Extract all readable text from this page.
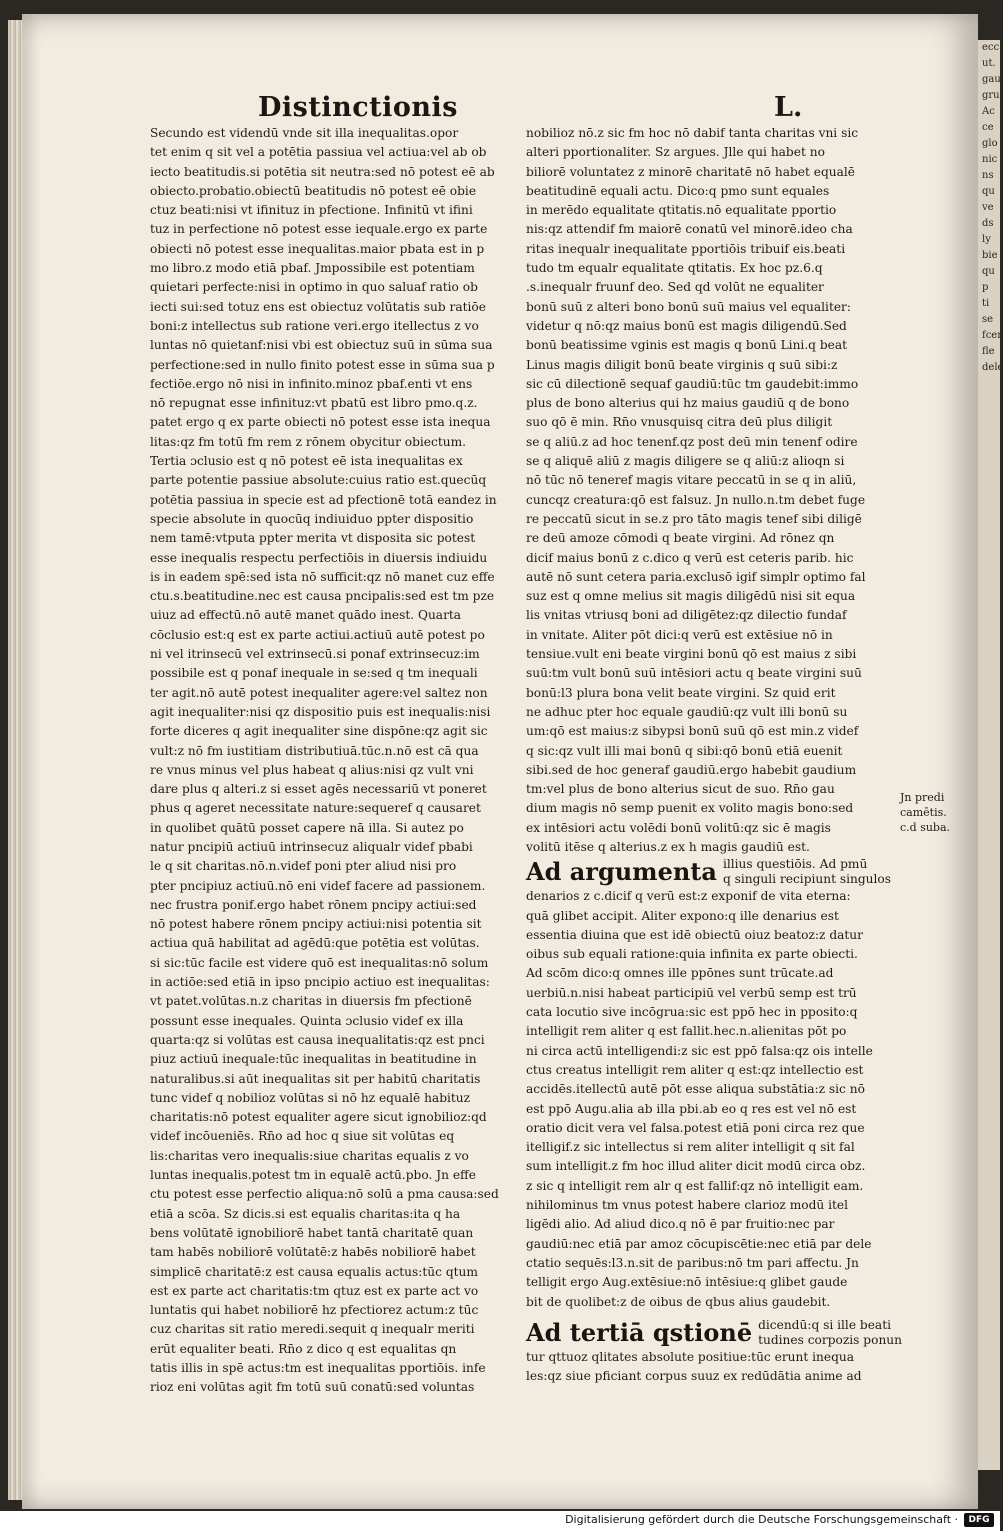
Distinctionis	L.

Secundo est videndū vnde sit illa inequalitas.opor

tet enim q sit vel a potētia passiua vel actiua:vel ab ob

iecto beatitudis.si potētia sit neutra:sed nō potest eē ab

obiecto.probatio.obiectū beatitudis nō potest eē obie

ctuz beati:nisi vt ifinituz in pfectione. Infinitū vt ifini

tuz in perfectione nō potest esse iequale.ergo ex parte

obiecti nō potest esse inequalitas.maior pbata est in p

mo libro.z modo etiā pbaf. Jmpossibile est potentiam

quietari perfecte:nisi in optimo in quo saluaf ratio ob

iecti sui:sed totuz ens est obiectuz volūtatis sub ratiōe

boni:z intellectus sub ratione veri.ergo itellectus z vo

luntas nō quietanf:nisi vbi est obiectuz suū in sūma sua

perfectione:sed in nullo finito potest esse in sūma sua p

fectiōe.ergo nō nisi in infinito.minoz pbaf.enti vt ens

nō repugnat esse infinituz:vt pbatū est libro pmo.q.z.

patet ergo q ex parte obiecti nō potest esse ista inequa

litas:qz fm totū fm rem z rōnem obycitur obiectum.

Tertia ɔclusio est q nō potest eē ista inequalitas ex

parte potentie passiue absolute:cuius ratio est.quecūq

potētia passiua in specie est ad pfectionē totā eandez in

specie absolute in quocūq indiuiduo ppter dispositio

nem tamē:vtputa ppter merita vt disposita sic potest

esse inequalis respectu perfectiōis in diuersis indiuidu

is in eadem spē:sed ista nō sufficit:qz nō manet cuz effe

ctu.s.beatitudine.nec est causa pncipalis:sed est tm pze

uiuz ad effectū.nō autē manet quādo inest. Quarta

cōclusio est:q est ex parte actiui.actiuū autē potest po

ni vel itrinsecū vel extrinsecū.si ponaf extrinsecuz:im

possibile est q ponaf inequale in se:sed q tm inequali

ter agit.nō autē potest inequaliter agere:vel saltez non

agit inequaliter:nisi qz dispositio puis est inequalis:nisi

forte diceres q agit inequaliter sine dispōne:qz agit sic

vult:z nō fm iustitiam distributiuā.tūc.n.nō est cā qua

re vnus minus vel plus habeat q alius:nisi qz vult vni

dare plus q alteri.z si esset agēs necessariū vt poneret

phus q ageret necessitate nature:sequeref q causaret

in quolibet quātū posset capere nā illa. Si autez po

natur pncipiū actiuū intrinsecuz aliqualr videf pbabi

le q sit charitas.nō.n.videf poni pter aliud nisi pro

pter pncipiuz actiuū.nō eni videf facere ad passionem.

nec frustra ponif.ergo habet rōnem pncipy actiui:sed

nō potest habere rōnem pncipy actiui:nisi potentia sit

actiua quā habilitat ad agēdū:que potētia est volūtas.

si sic:tūc facile est videre quō est inequalitas:nō solum

in actiōe:sed etiā in ipso pncipio actiuo est inequalitas:

vt patet.volūtas.n.z charitas in diuersis fm pfectionē

possunt esse inequales. Quinta ɔclusio videf ex illa

quarta:qz si volūtas est causa inequalitatis:qz est pnci

piuz actiuū inequale:tūc inequalitas in beatitudine in

naturalibus.si aūt inequalitas sit per habitū charitatis

tunc videf q nobilioz volūtas si nō hz equalē habituz

charitatis:nō potest equaliter agere sicut ignobilioz:qd

videf incōueniēs. Rn̄o ad hoc q siue sit volūtas eq

lis:charitas vero inequalis:siue charitas equalis z vo

luntas inequalis.potest tm in equalē actū.pbo. Jn effe

ctu potest esse perfectio aliqua:nō solū a pma causa:sed

etiā a scōa. Sz dicis.si est equalis charitas:ita q ha

bens volūtatē ignobiliorē habet tantā charitatē quan

tam habēs nobiliorē volūtatē:z habēs nobiliorē habet

simplicē charitatē:z est causa equalis actus:tūc qtum

est ex parte act charitatis:tm qtuz est ex parte act vo

luntatis qui habet nobiliorē hz pfectiorez actum:z tūc

cuz charitas sit ratio meredi.sequit q inequalr meriti

erūt equaliter beati. Rn̄o z dico q est equalitas qn

tatis illis in spē actus:tm est inequalitas pportiōis. infe

rioz eni volūtas agit fm totū suū conatū:sed voluntas

nobilioz nō.z sic fm hoc nō dabif tanta charitas vni sic

alteri pportionaliter. Sz argues. Jlle qui habet no

biliorē voluntatez z minorē charitatē nō habet equalē

beatitudinē equali actu. Dico:q pmo sunt equales

in merēdo equalitate qtitatis.nō equalitate pportio

nis:qz attendif fm maiorē conatū vel minorē.ideo cha

ritas inequalr inequalitate pportiōis tribuif eis.beati

tudo tm equalr equalitate qtitatis. Ex hoc pz.6.q

.s.inequalr fruunf deo. Sed qd volūt ne equaliter

bonū suū z alteri bono bonū suū maius vel equaliter:

videtur q nō:qz maius bonū est magis diligendū.Sed

bonū beatissime vginis est magis q bonū Lini.q beat

Linus magis diligit bonū beate virginis q suū sibi:z

sic cū dilectionē sequaf gaudiū:tūc tm gaudebit:immo

plus de bono alterius qui hz maius gaudiū q de bono

suo qō ē min. Rn̄o vnusquisq citra deū plus diligit

se q aliū.z ad hoc tenenf.qz post deū min tenenf odire

se q aliquē aliū z magis diligere se q aliū:z alioqn si

nō tūc nō teneref magis vitare peccatū in se q in aliū,

cuncqz creatura:qō est falsuz. Jn nullo.n.tm debet fuge

re peccatū sicut in se.z pro tāto magis tenef sibi diligē

re deū amoze cōmodi q beate virgini. Ad rōnez qn

dicif maius bonū z c.dico q verū est ceteris parib. hic

autē nō sunt cetera paria.exclusō igif simplr optimo fal

suz est q omne melius sit magis diligēdū nisi sit equa

lis vnitas vtriusq boni ad diligētez:qz dilectio fundaf

in vnitate. Aliter pōt dici:q verū est extēsiue nō in

tensiue.vult eni beate virgini bonū qō est maius z sibi

suū:tm vult bonū suū intēsiori actu q beate virgini suū

bonū:l3 plura bona velit beate virgini. Sz quid erit

ne adhuc pter hoc equale gaudiū:qz vult illi bonū su

um:qō est maius:z sibypsi bonū suū qō est min.z videf

q sic:qz vult illi mai bonū q sibi:qō bonū etiā euenit

sibi.sed de hoc generaf gaudiū.ergo habebit gaudium

tm:vel plus de bono alterius sicut de suo. Rn̄o gau

dium magis nō semp puenit ex volito magis bono:sed

ex intēsiori actu volēdi bonū volitū:qz sic ē magis

volitū itēse q alterius.z ex h magis gaudiū est.

Ad argumenta illius questiōis. Ad pmū
q singuli recipiunt singulos

denarios z c.dicif q verū est:z exponif de vita eterna:

quā glibet accipit. Aliter expono:q ille denarius est

essentia diuina que est idē obiectū oiuz beatoz:z datur

oibus sub equali ratione:quia infinita ex parte obiecti.

Ad scōm dico:q omnes ille ppōnes sunt trūcate.ad

uerbiū.n.nisi habeat participiū vel verbū semp est trū

cata locutio sive incōgrua:sic est ppō hec in pposito:q

intelligit rem aliter q est fallit.hec.n.alienitas pōt po

ni circa actū intelligendi:z sic est ppō falsa:qz ois intelle

ctus creatus intelligit rem aliter q est:qz intellectio est

accidēs.itellectū autē pōt esse aliqua substātia:z sic nō

est ppō Augu.alia ab illa pbi.ab eo q res est vel nō est

oratio dicit vera vel falsa.potest etiā poni circa rez que

itelligif.z sic intellectus si rem aliter intelligit q sit fal

sum intelligit.z fm hoc illud aliter dicit modū circa obz.

z sic q intelligit rem alr q est fallif:qz nō intelligit eam.

nihilominus tm vnus potest habere clarioz modū itel

ligēdi alio. Ad aliud dico.q nō ē par fruitio:nec par

gaudiū:nec etiā par amoz cōcupiscētie:nec etiā par dele

ctatio sequēs:l3.n.sit de paribus:nō tm pari affectu. Jn

telligit ergo Aug.extēsiue:nō intēsiue:q glibet gaude

bit de quolibet:z de oibus de qbus alius gaudebit.

Ad tertiā qstionē dicendū:q si ille beati
tudines corpozis ponun

tur qttuoz qlitates absolute positiue:tūc erunt inequa

les:qz siue pficiant corpus suuz ex redūdātia anime ad

Jn predi

camētis.

c.d suba.

ecc
ut.
gau
gru
Ac
ce
glo
nic
ns
qu
ve
ds
ly
bie
qu
p
ti
se
fcer
fle
dele
Digitalisierung gefördert durch die Deutsche Forschungsgemeinschaft ·	DFG
